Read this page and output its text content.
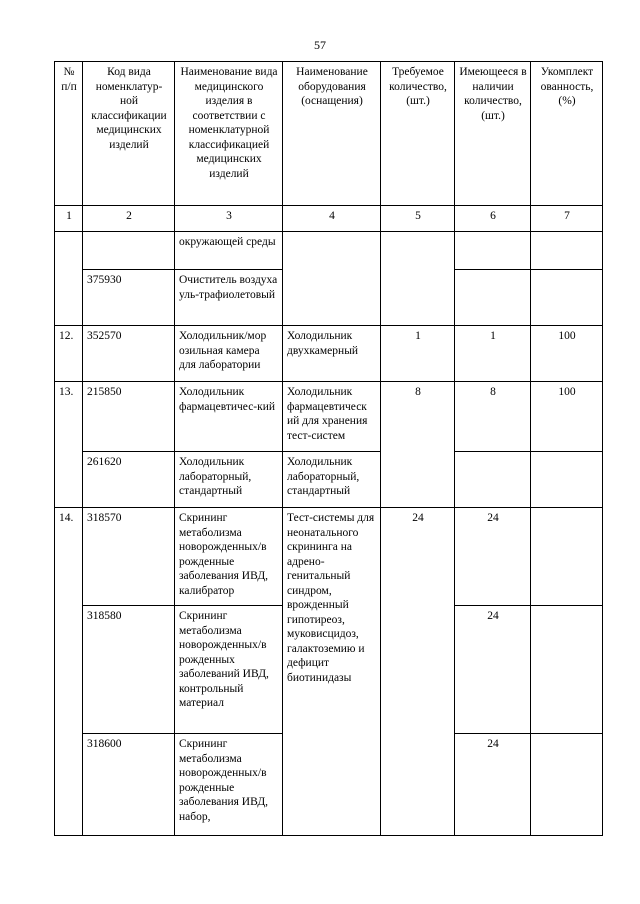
57
№ п/п	Код вида номенклатур-ной классификации медицинских изделий	Наименование вида медицинского изделия в соответствии с номенклатурной классификацией медицинских изделий	Наименование оборудования (оснащения)	Требуемое количество, (шт.)	Имеющееся в наличии количество, (шт.)	Укомплект ованность, (%)
1	2	3	4	5	6	7
		окружающей среды				
	375930	Очиститель воздуха уль-трафиолетовый				
12.	352570	Холодильник/мор озильная камера для лаборатории	Холодильник двухкамерный	1	1	100
13.	215850	Холодильник фармацевтичес-кий	Холодильник фармацевтическ ий для хранения тест-систем	8	8	100
	261620	Холодильник лабораторный, стандартный	Холодильник лабораторный, стандартный			
14.	318570	Скрининг метаболизма новорожденных/в рожденные заболевания ИВД, калибратор	Тест-системы для неонатального скрининга на адрено-генитальный синдром, врожденный гипотиреоз, муковисцидоз, галактоземию и дефицит биотинидазы	24	24	
	318580	Скрининг метаболизма новорожденных/в рожденных заболеваний ИВД, контрольный материал			24	
	318600	Скрининг метаболизма новорожденных/в рожденные заболевания ИВД, набор,			24	
